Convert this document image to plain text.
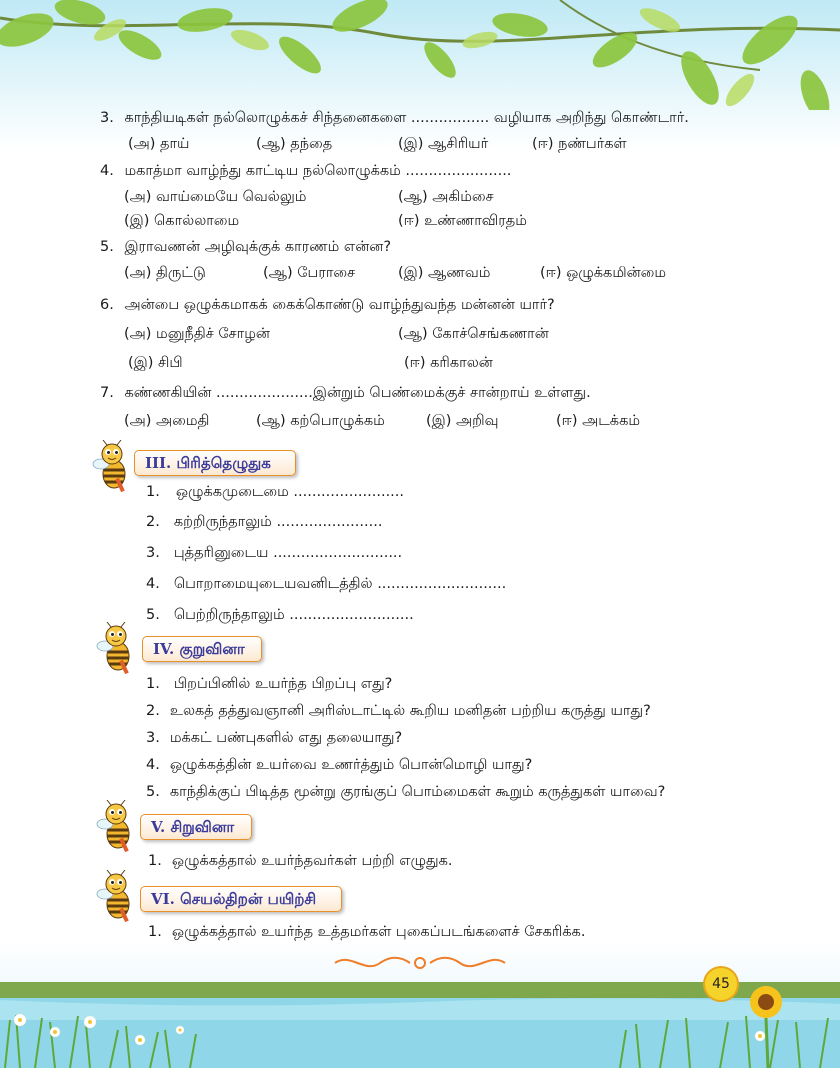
3. காந்தியடிகள் நல்லொழுக்கச் சிந்தனைகளை ................. வழியாக அறிந்து கொண்டார்.
(அ) தாய்	(ஆ) தந்தை	(இ) ஆசிரியர்	(ஈ) நண்பர்கள்
4. மகாத்மா வாழ்ந்து காட்டிய நல்லொழுக்கம் .......................
(அ) வாய்மையே வெல்லும்	(ஆ) அகிம்சை
(இ) கொல்லாமை	(ஈ) உண்ணாவிரதம்
5. இராவணன் அழிவுக்குக் காரணம் என்ன?
(அ) திருட்டு	(ஆ) பேராசை	(இ) ஆணவம்	(ஈ) ஒழுக்கமின்மை
6. அன்பை ஒழுக்கமாகக் கைக்கொண்டு வாழ்ந்துவந்த மன்னன் யார்?
(அ) மனுநீதிச் சோழன்	(ஆ) கோச்செங்கணான்
(இ) சிபி	(ஈ) கரிகாலன்
7. கண்ணகியின் .....................இன்றும் பெண்மைக்குச் சான்றாய் உள்ளது.
(அ) அமைதி	(ஆ) கற்பொழுக்கம்	(இ) அறிவு	(ஈ) அடக்கம்
III. பிரித்தெழுதுக
1. ஒழுக்கமுடைமை ........................
2. கற்றிருந்தாலும் .......................
3. புத்தரினுடைய ............................
4. பொறாமையுடையவனிடத்தில் ............................
5. பெற்றிருந்தாலும் ...........................
IV. குறுவினா
1. பிறப்பினில் உயர்ந்த பிறப்பு எது?
2. உலகத் தத்துவஞானி அரிஸ்டாட்டில் கூறிய மனிதன் பற்றிய கருத்து யாது?
3. மக்கட் பண்புகளில் எது தலையாது?
4. ஒழுக்கத்தின் உயர்வை உணர்த்தும் பொன்மொழி யாது?
5. காந்திக்குப் பிடித்த மூன்று குரங்குப் பொம்மைகள் கூறும் கருத்துகள் யாவை?
V. சிறுவினா
1. ஒழுக்கத்தால் உயர்ந்தவர்கள் பற்றி எழுதுக.
VI. செயல்திறன் பயிற்சி
1. ஒழுக்கத்தால் உயர்ந்த உத்தமர்கள் புகைப்படங்களைச் சேகரிக்க.
45
